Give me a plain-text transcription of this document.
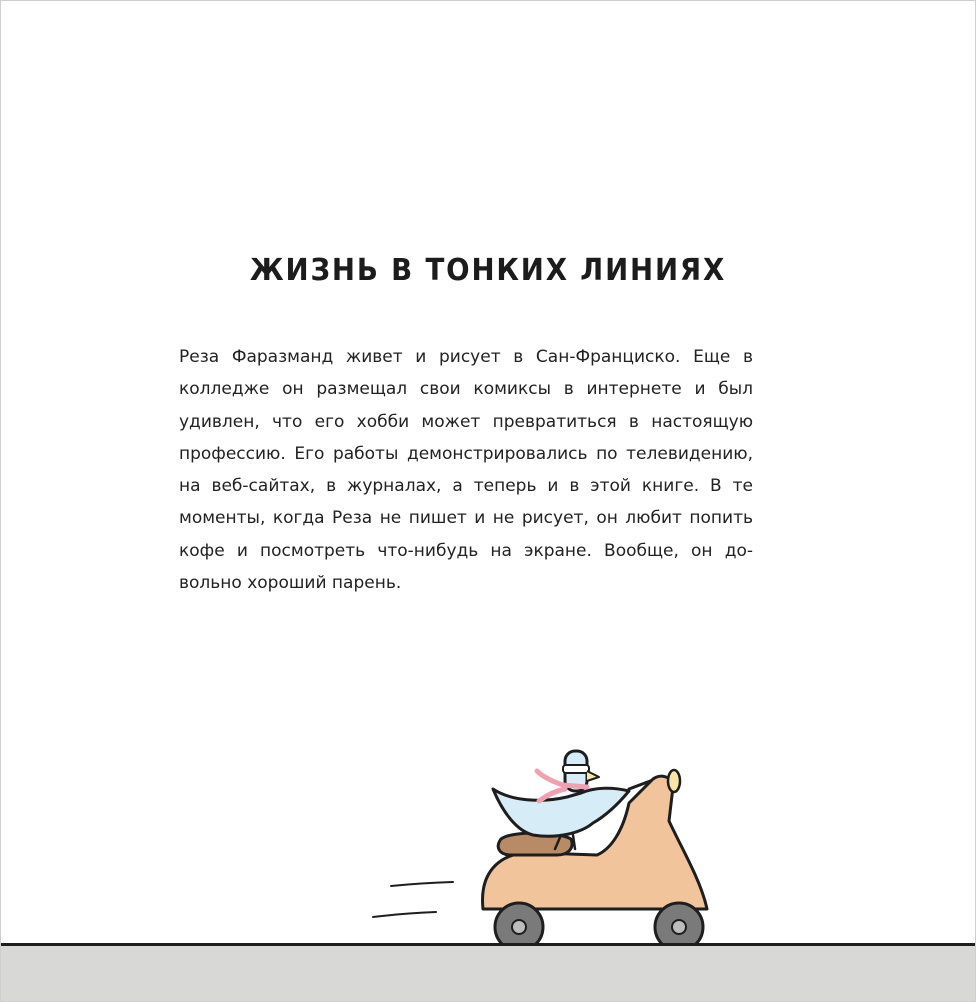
ЖИЗНЬ В ТОНКИХ ЛИНИЯХ
Реза Фаразманд живет и рисует в Сан-Франциско. Еще в колледже он размещал свои комиксы в интернете и был удивлен, что его хобби может превратиться в настоящую профессию. Его работы демонстрировались по телевидению, на веб-сайтах, в журналах, а теперь и в этой книге. В те моменты, когда Реза не пишет и не рисует, он любит попить кофе и посмотреть что-нибудь на экране. Вообще, он довольно хороший парень.
